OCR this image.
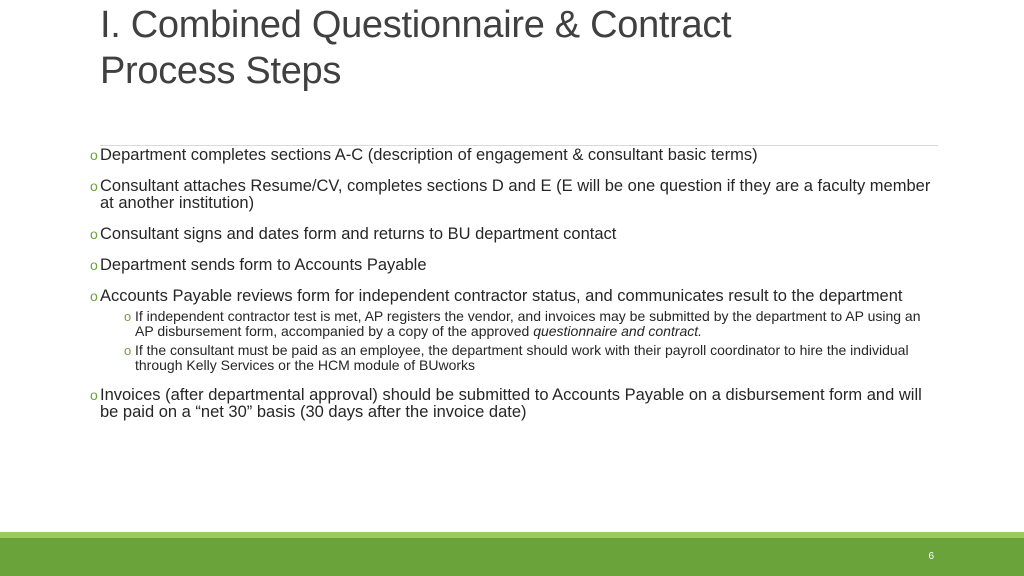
I. Combined Questionnaire & Contract
Process Steps
o Department completes sections A-C (description of engagement & consultant basic terms)
o Consultant attaches Resume/CV, completes sections D and E (E will be one question if they are a faculty member at another institution)
o Consultant signs and dates form and returns to BU department contact
o Department sends form to Accounts Payable
o Accounts Payable reviews form for independent contractor status, and communicates result to the department
o If independent contractor test is met, AP registers the vendor, and invoices may be submitted by the department to AP using an AP disbursement form, accompanied by a copy of the approved questionnaire and contract.
o If the consultant must be paid as an employee, the department should work with their payroll coordinator to hire the individual through Kelly Services or the HCM module of BUworks
o Invoices (after departmental approval) should be submitted to Accounts Payable on a disbursement form and will be paid on a “net 30” basis (30 days after the invoice date)
6
